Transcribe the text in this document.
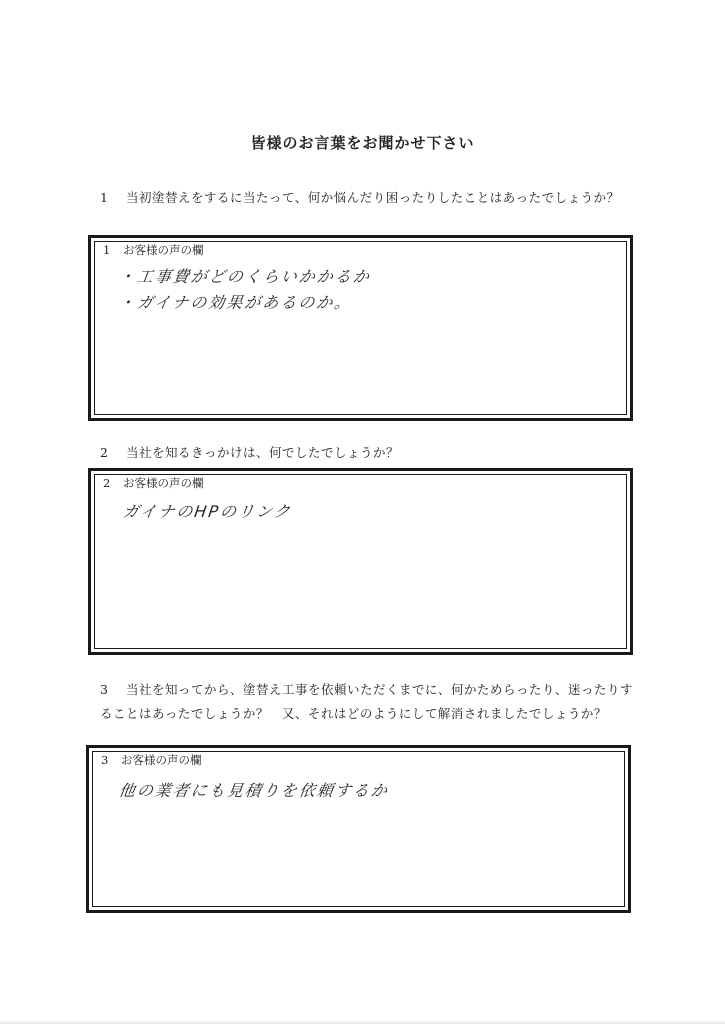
皆様のお言葉をお聞かせ下さい
1 当初塗替えをするに当たって、何か悩んだり困ったりしたことはあったでしょうか？
1 お客様の声の欄
・工事費がどのくらいかかるか
・ガイナの効果があるのか。
2 当社を知るきっかけは、何でしたでしょうか？
2 お客様の声の欄
ガイナのHPのリンク
3 当社を知ってから、塗替え工事を依頼いただくまでに、何かためらったり、迷ったりすることはあったでしょうか？　又、それはどのようにして解消されましたでしょうか？
3 お客様の声の欄
他の業者にも見積りを依頼するか
